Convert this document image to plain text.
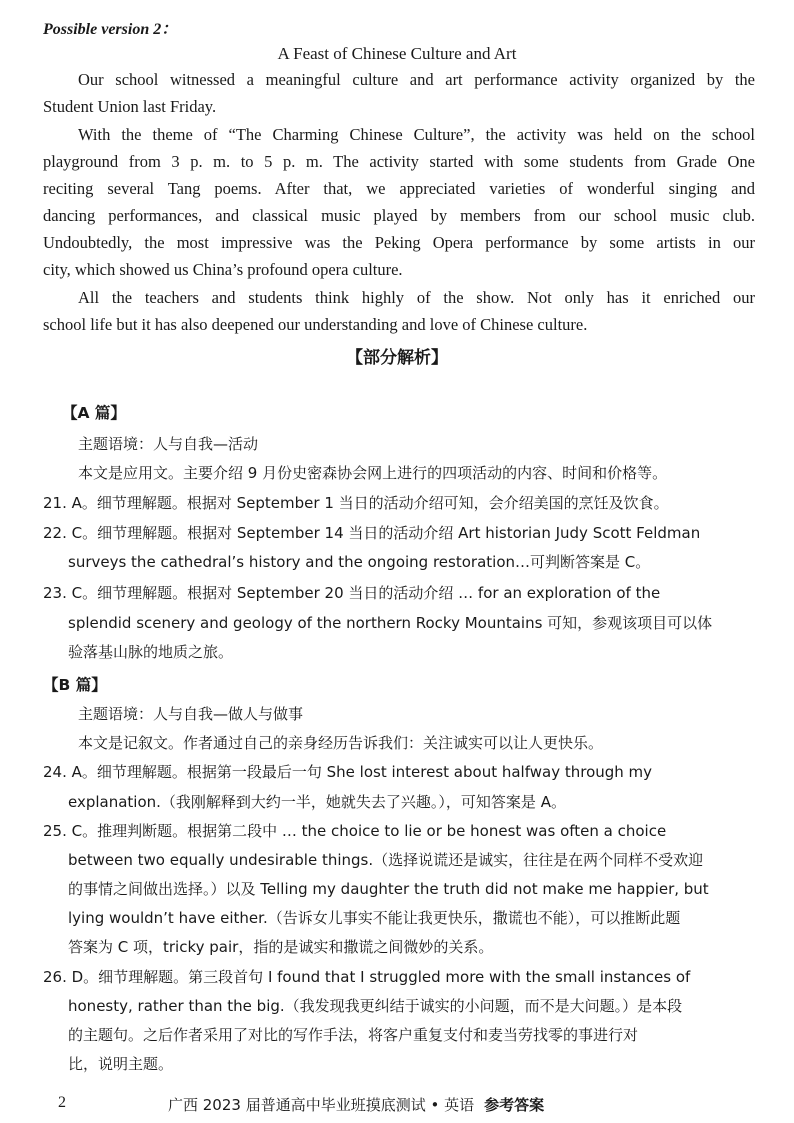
Possible version 2：
A Feast of Chinese Culture and Art
Our school witnessed a meaningful culture and art performance activity organized by the
Student Union last Friday.
With the theme of “The Charming Chinese Culture”, the activity was held on the school
playground from 3 p. m. to 5 p. m. The activity started with some students from Grade One
reciting several Tang poems. After that, we appreciated varieties of wonderful singing and
dancing performances, and classical music played by members from our school music club.
Undoubtedly, the most impressive was the Peking Opera performance by some artists in our
city, which showed us China’s profound opera culture.
All the teachers and students think highly of the show. Not only has it enriched our
school life but it has also deepened our understanding and love of Chinese culture.
【部分解析】
【A 篇】
主题语境：人与自我—活动
本文是应用文。主要介绍 9 月份史密森协会网上进行的四项活动的内容、时间和价格等。
21. A。细节理解题。根据对 September 1 当日的活动介绍可知，会介绍美国的烹饪及饮食。
22. C。细节理解题。根据对 September 14 当日的活动介绍 Art historian Judy Scott Feldman
surveys the cathedral’s history and the ongoing restoration…可判断答案是 C。
23. C。细节理解题。根据对 September 20 当日的活动介绍 … for an exploration of the
splendid scenery and geology of the northern Rocky Mountains 可知，参观该项目可以体
验落基山脉的地质之旅。
【B 篇】
主题语境：人与自我—做人与做事
本文是记叙文。作者通过自己的亲身经历告诉我们：关注诚实可以让人更快乐。
24. A。细节理解题。根据第一段最后一句 She lost interest about halfway through my
explanation.（我刚解释到大约一半，她就失去了兴趣。），可知答案是 A。
25. C。推理判断题。根据第二段中 … the choice to lie or be honest was often a choice
between two equally undesirable things.（选择说谎还是诚实，往往是在两个同样不受欢迎
的事情之间做出选择。）以及 Telling my daughter the truth did not make me happier, but
lying wouldn’t have either.（告诉女儿事实不能让我更快乐，撒谎也不能），可以推断此题
答案为 C 项，tricky pair，指的是诚实和撒谎之间微妙的关系。
26. D。细节理解题。第三段首句 I found that I struggled more with the small instances of
honesty, rather than the big.（我发现我更纠结于诚实的小问题，而不是大问题。）是本段
的主题句。之后作者采用了对比的写作手法，将客户重复支付和麦当劳找零的事进行对
比，说明主题。
2	广西 2023 届普通高中毕业班摸底测试 • 英语 参考答案
